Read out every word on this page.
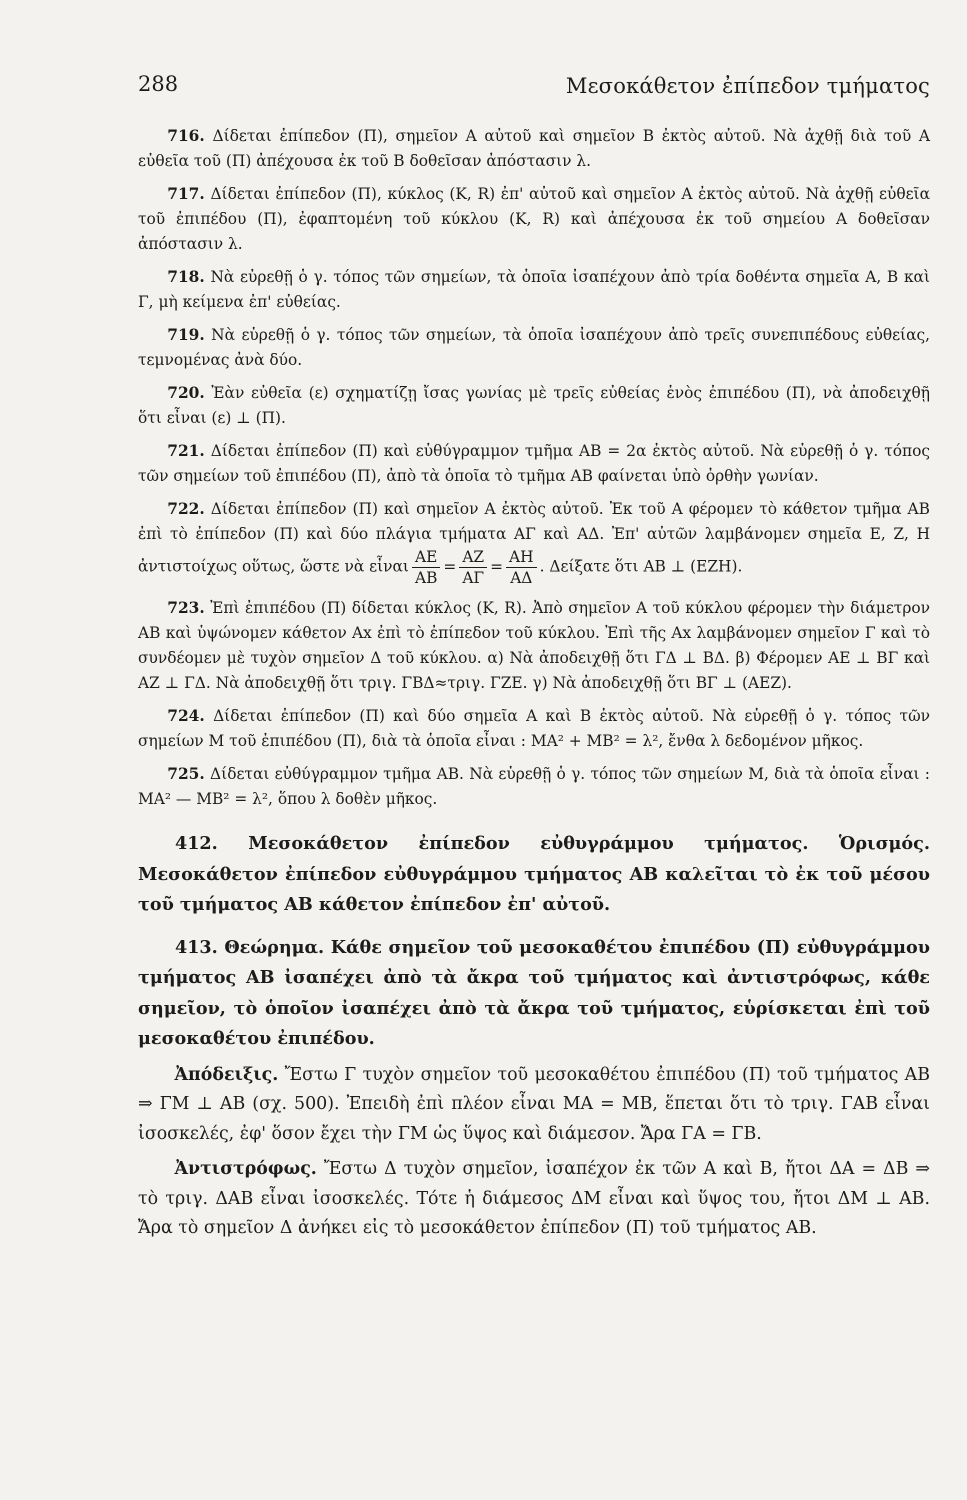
288	Μεσοκάθετον ἐπίπεδον τμήματος

716. Δίδεται ἐπίπεδον (Π), σημεῖον Α αὐτοῦ καὶ σημεῖον Β ἐκτὸς αὐτοῦ. Νὰ ἀχθῇ διὰ τοῦ Α εὐθεῖα τοῦ (Π) ἀπέχουσα ἐκ τοῦ Β δοθεῖσαν ἀπόστασιν λ.

717. Δίδεται ἐπίπεδον (Π), κύκλος (Κ, R) ἐπ' αὐτοῦ καὶ σημεῖον Α ἐκτὸς αὐτοῦ. Νὰ ἀχθῇ εὐθεῖα τοῦ ἐπιπέδου (Π), ἐφαπτομένη τοῦ κύκλου (Κ, R) καὶ ἀπέχουσα ἐκ τοῦ σημείου Α δοθεῖσαν ἀπόστασιν λ.

718. Νὰ εὑρεθῇ ὁ γ. τόπος τῶν σημείων, τὰ ὁποῖα ἰσαπέχουν ἀπὸ τρία δοθέντα σημεῖα Α, Β καὶ Γ, μὴ κείμενα ἐπ' εὐθείας.

719. Νὰ εὑρεθῇ ὁ γ. τόπος τῶν σημείων, τὰ ὁποῖα ἰσαπέχουν ἀπὸ τρεῖς συνεπιπέδους εὐθείας, τεμνομένας ἀνὰ δύο.

720. Ἐὰν εὐθεῖα (ε) σχηματίζῃ ἴσας γωνίας μὲ τρεῖς εὐθείας ἑνὸς ἐπιπέδου (Π), νὰ ἀποδειχθῇ ὅτι εἶναι (ε) ⊥ (Π).

721. Δίδεται ἐπίπεδον (Π) καὶ εὐθύγραμμον τμῆμα ΑΒ = 2α ἐκτὸς αὐτοῦ. Νὰ εὑρεθῇ ὁ γ. τόπος τῶν σημείων τοῦ ἐπιπέδου (Π), ἀπὸ τὰ ὁποῖα τὸ τμῆμα ΑΒ φαίνεται ὑπὸ ὀρθὴν γωνίαν.

722. Δίδεται ἐπίπεδον (Π) καὶ σημεῖον Α ἐκτὸς αὐτοῦ. Ἐκ τοῦ Α φέρομεν τὸ κάθετον τμῆμα ΑΒ ἐπὶ τὸ ἐπίπεδον (Π) καὶ δύο πλάγια τμήματα ΑΓ καὶ ΑΔ. Ἐπ' αὐτῶν λαμβάνομεν σημεῖα Ε, Ζ, Η ἀντιστοίχως οὕτως, ὥστε νὰ εἶναι $\frac{AE}{AB} = \frac{AZ}{A\Gamma} = \frac{AH}{A\Delta}$ . Δείξατε ὅτι ΑΒ ⊥ (ΕΖΗ).

723. Ἐπὶ ἐπιπέδου (Π) δίδεται κύκλος (Κ, R). Ἀπὸ σημεῖον Α τοῦ κύκλου φέρομεν τὴν διάμετρον ΑΒ καὶ ὑψώνομεν κάθετον Αx ἐπὶ τὸ ἐπίπεδον τοῦ κύκλου. Ἐπὶ τῆς Αx λαμβάνομεν σημεῖον Γ καὶ τὸ συνδέομεν μὲ τυχὸν σημεῖον Δ τοῦ κύκλου. α) Νὰ ἀποδειχθῇ ὅτι ΓΔ ⊥ ΒΔ. β) Φέρομεν ΑΕ ⊥ ΒΓ καὶ ΑΖ ⊥ ΓΔ. Νὰ ἀποδειχθῇ ὅτι τριγ. ΓΒΔ≈τριγ. ΓΖΕ. γ) Νὰ ἀποδειχθῇ ὅτι ΒΓ ⊥ (ΑΕΖ).

724. Δίδεται ἐπίπεδον (Π) καὶ δύο σημεῖα Α καὶ Β ἐκτὸς αὐτοῦ. Νὰ εὑρεθῇ ὁ γ. τόπος τῶν σημείων Μ τοῦ ἐπιπέδου (Π), διὰ τὰ ὁποῖα εἶναι : ΜΑ² + ΜΒ² = λ², ἔνθα λ δεδομένον μῆκος.

725. Δίδεται εὐθύγραμμον τμῆμα ΑΒ. Νὰ εὑρεθῇ ὁ γ. τόπος τῶν σημείων Μ, διὰ τὰ ὁποῖα εἶναι : ΜΑ² — ΜΒ² = λ², ὅπου λ δοθὲν μῆκος.

412. Μεσοκάθετον ἐπίπεδον εὐθυγράμμου τμήματος. Ὁρισμός. Μεσοκάθετον ἐπίπεδον εὐθυγράμμου τμήματος ΑΒ καλεῖται τὸ ἐκ τοῦ μέσου τοῦ τμήματος ΑΒ κάθετον ἐπίπεδον ἐπ' αὐτοῦ.

413. Θεώρημα. Κάθε σημεῖον τοῦ μεσοκαθέτου ἐπιπέδου (Π) εὐθυγράμμου τμήματος ΑΒ ἰσαπέχει ἀπὸ τὰ ἄκρα τοῦ τμήματος καὶ ἀντιστρόφως, κάθε σημεῖον, τὸ ὁποῖον ἰσαπέχει ἀπὸ τὰ ἄκρα τοῦ τμήματος, εὑρίσκεται ἐπὶ τοῦ μεσοκαθέτου ἐπιπέδου.

Ἀπόδειξις. Ἔστω Γ τυχὸν σημεῖον τοῦ μεσοκαθέτου ἐπιπέδου (Π) τοῦ τμήματος ΑΒ ⇒ ΓΜ ⊥ ΑΒ (σχ. 500). Ἐπειδὴ ἐπὶ πλέον εἶναι ΜΑ = ΜΒ, ἕπεται ὅτι τὸ τριγ. ΓΑΒ εἶναι ἰσοσκελές, ἐφ' ὅσον ἔχει τὴν ΓΜ ὡς ὕψος καὶ διάμεσον. Ἄρα ΓΑ = ΓΒ.

Ἀντιστρόφως. Ἔστω Δ τυχὸν σημεῖον, ἰσαπέχον ἐκ τῶν Α καὶ Β, ἤτοι ΔΑ = ΔΒ ⇒ τὸ τριγ. ΔΑΒ εἶναι ἰσοσκελές. Τότε ἡ διάμεσος ΔΜ εἶναι καὶ ὕψος του, ἤτοι ΔΜ ⊥ ΑΒ. Ἄρα τὸ σημεῖον Δ ἀνήκει εἰς τὸ μεσοκάθετον ἐπίπεδον (Π) τοῦ τμήματος ΑΒ.
